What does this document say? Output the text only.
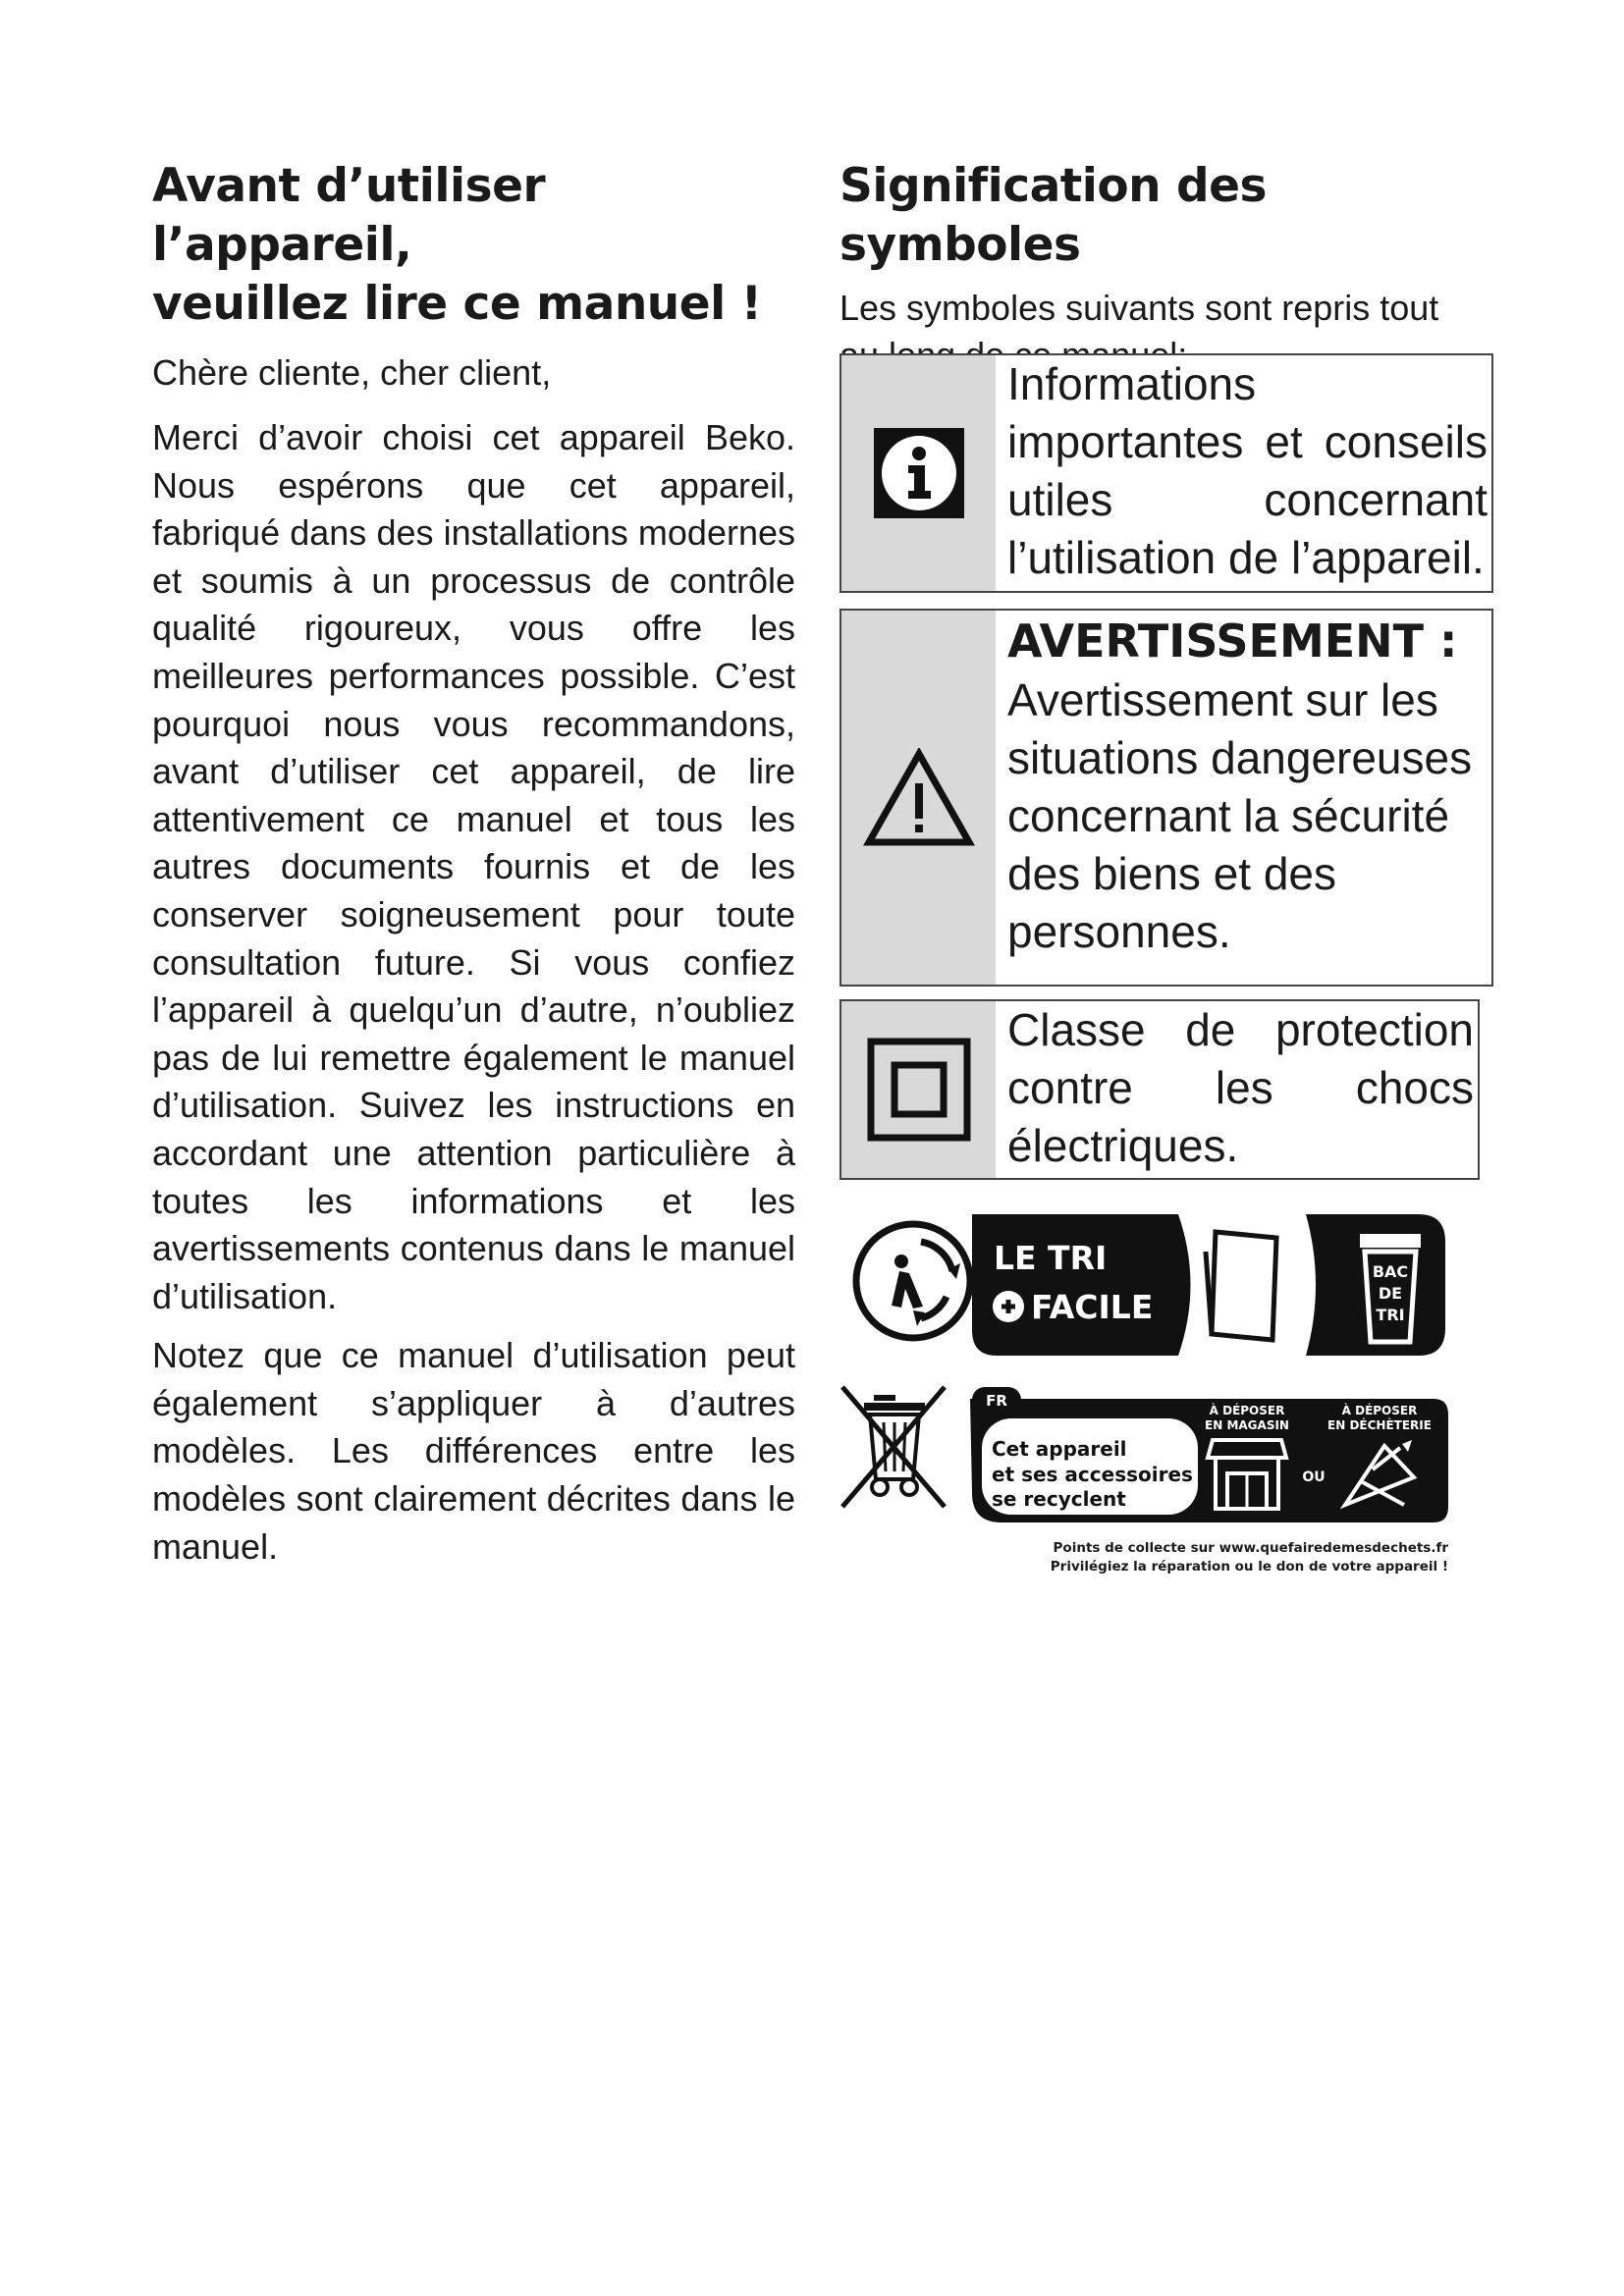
Avant d’utiliser l’appareil,
veuillez lire ce manuel !

Chère cliente, cher client,

Merci d’avoir choisi cet appareil Beko. Nous espérons que cet appareil, fabriqué dans des installations modernes et soumis à un processus de contrôle qualité rigoureux, vous offre les meilleures performances possible. C’est pourquoi nous vous recommandons, avant d’utiliser cet appareil, de lire attentivement ce manuel et tous les autres documents fournis et de les conserver soigneusement pour toute consultation future. Si vous confiez l’appareil à quelqu’un d’autre, n’oubliez pas de lui remettre également le manuel d’utilisation. Suivez les instructions en accordant une attention particulière à toutes les informations et les avertissements contenus dans le manuel d’utilisation.

Notez que ce manuel d’utilisation peut également s’appliquer à d’autres modèles. Les différences entre les modèles sont clairement décrites dans le manuel.

Signification des symboles

Les symboles suivants sont repris tout

Informations importantes et conseils utiles concernant l’utilisation de l’appareil.
AVERTISSEMENT :
Avertissement sur les situations dangereuses concernant la sécurité des biens et des personnes.
Classe de protection contre les chocs électriques.
LE TRI
FACILE
BAC
DE
TRI
FR
Cet appareil
et ses accessoires
se recyclent
À DÉPOSER
EN MAGASIN
À DÉPOSER
EN DÉCHÈTERIE
OU
Points de collecte sur www.quefairedemesdechets.fr
Privilégiez la réparation ou le don de votre appareil !
